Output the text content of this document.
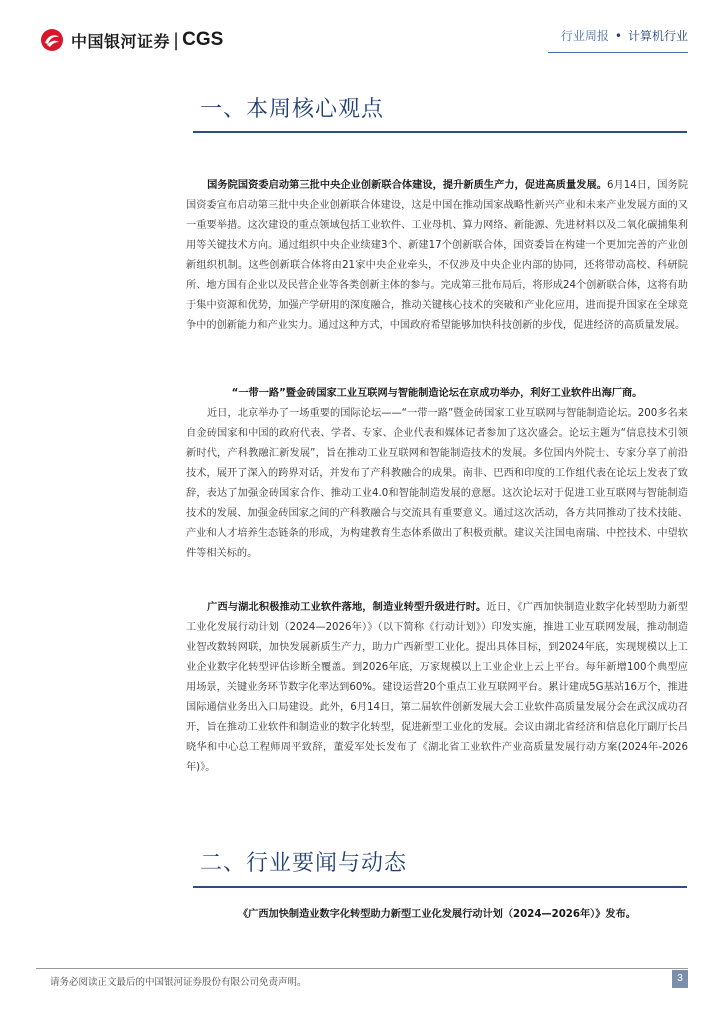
中国银河证券 | CGS	行业周报 • 计算机行业
一、本周核心观点
国务院国资委启动第三批中央企业创新联合体建设，提升新质生产力，促进高质量发展。6月14日，国务院国资委宣布启动第三批中央企业创新联合体建设，这是中国在推动国家战略性新兴产业和未来产业发展方面的又一重要举措。这次建设的重点领域包括工业软件、工业母机、算力网络、新能源、先进材料以及二氧化碳捕集利用等关键技术方向。通过组织中央企业续建3个、新建17个创新联合体，国资委旨在构建一个更加完善的产业创新组织机制。这些创新联合体将由21家中央企业牵头，不仅涉及中央企业内部的协同，还将带动高校、科研院所、地方国有企业以及民营企业等各类创新主体的参与。完成第三批布局后，将形成24个创新联合体，这将有助于集中资源和优势，加强产学研用的深度融合，推动关键核心技术的突破和产业化应用，进而提升国家在全球竞争中的创新能力和产业实力。通过这种方式，中国政府希望能够加快科技创新的步伐，促进经济的高质量发展。
“一带一路”暨金砖国家工业互联网与智能制造论坛在京成功举办，利好工业软件出海厂商。
近日，北京举办了一场重要的国际论坛——“一带一路”暨金砖国家工业互联网与智能制造论坛。200多名来自金砖国家和中国的政府代表、学者、专家、企业代表和媒体记者参加了这次盛会。论坛主题为“信息技术引领新时代，产科教融汇新发展”，旨在推动工业互联网和智能制造技术的发展。多位国内外院士、专家分享了前沿技术，展开了深入的跨界对话，并发布了产科教融合的成果。南非、巴西和印度的工作组代表在论坛上发表了致辞，表达了加强金砖国家合作、推动工业4.0和智能制造发展的意愿。这次论坛对于促进工业互联网与智能制造技术的发展、加强金砖国家之间的产科教融合与交流具有重要意义。通过这次活动，各方共同推动了技术技能、产业和人才培养生态链条的形成，为构建教育生态体系做出了积极贡献。建议关注国电南瑞、中控技术、中望软件等相关标的。
广西与湖北积极推动工业软件落地，制造业转型升级进行时。近日，《广西加快制造业数字化转型助力新型工业化发展行动计划（2024—2026年）》（以下简称《行动计划》）印发实施，推进工业互联网发展，推动制造业智改数转网联，加快发展新质生产力，助力广西新型工业化。提出具体目标，到2024年底，实现规模以上工业企业数字化转型评估诊断全覆盖。到2026年底，万家规模以上工业企业上云上平台。每年新增100个典型应用场景，关键业务环节数字化率达到60%。建设运营20个重点工业互联网平台。累计建成5G基站16万个，推进国际通信业务出入口局建设。此外，6月14日，第二届软件创新发展大会工业软件高质量发展分会在武汉成功召开，旨在推动工业软件和制造业的数字化转型，促进新型工业化的发展。会议由湖北省经济和信息化厅副厅长吕晓华和中心总工程师周平致辞，董爱军处长发布了《湖北省工业软件产业高质量发展行动方案(2024年-2026年)》。
二、行业要闻与动态
《广西加快制造业数字化转型助力新型工业化发展行动计划（2024—2026年）》发布。
请务必阅读正文最后的中国银河证券股份有限公司免责声明。	3
